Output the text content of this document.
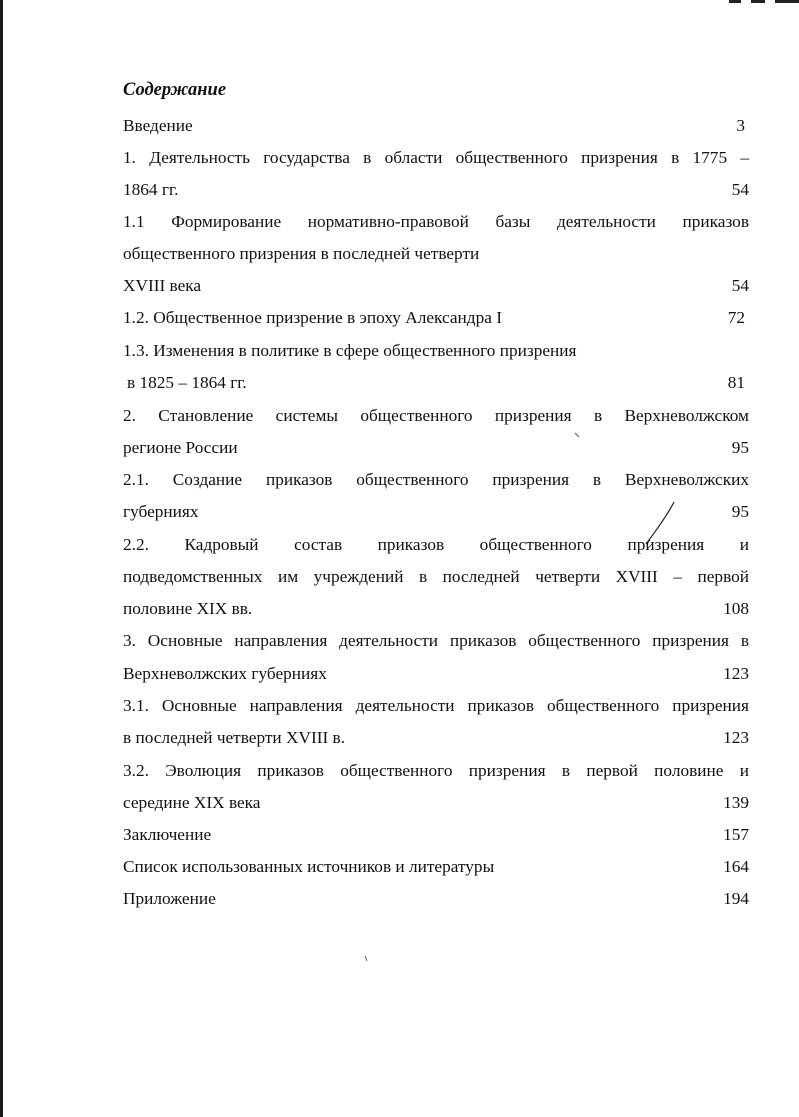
Содержание
Введение	3
1. Деятельность государства в области общественного призрения в 1775 –
1864 гг.	54
1.1 Формирование нормативно-правовой базы деятельности приказов
общественного призрения в последней четверти
XVIII века	54
1.2. Общественное призрение в эпоху Александра I	72
1.3. Изменения в политике в сфере общественного призрения
в 1825 – 1864 гг.	81
2. Становление системы общественного призрения в Верхневолжском
регионе России	95
2.1. Создание приказов общественного призрения в Верхневолжских
губерниях	95
2.2. Кадровый состав приказов общественного призрения и
подведомственных им учреждений в последней четверти XVIII – первой
половине XIX вв.	108
3. Основные направления деятельности приказов общественного призрения в
Верхневолжских губерниях	123
3.1. Основные направления деятельности приказов общественного призрения
в последней четверти XVIII в.	123
3.2. Эволюция приказов общественного призрения в первой половине и
середине XIX века	139
Заключение	157
Список использованных источников и литературы	164
Приложение	194
